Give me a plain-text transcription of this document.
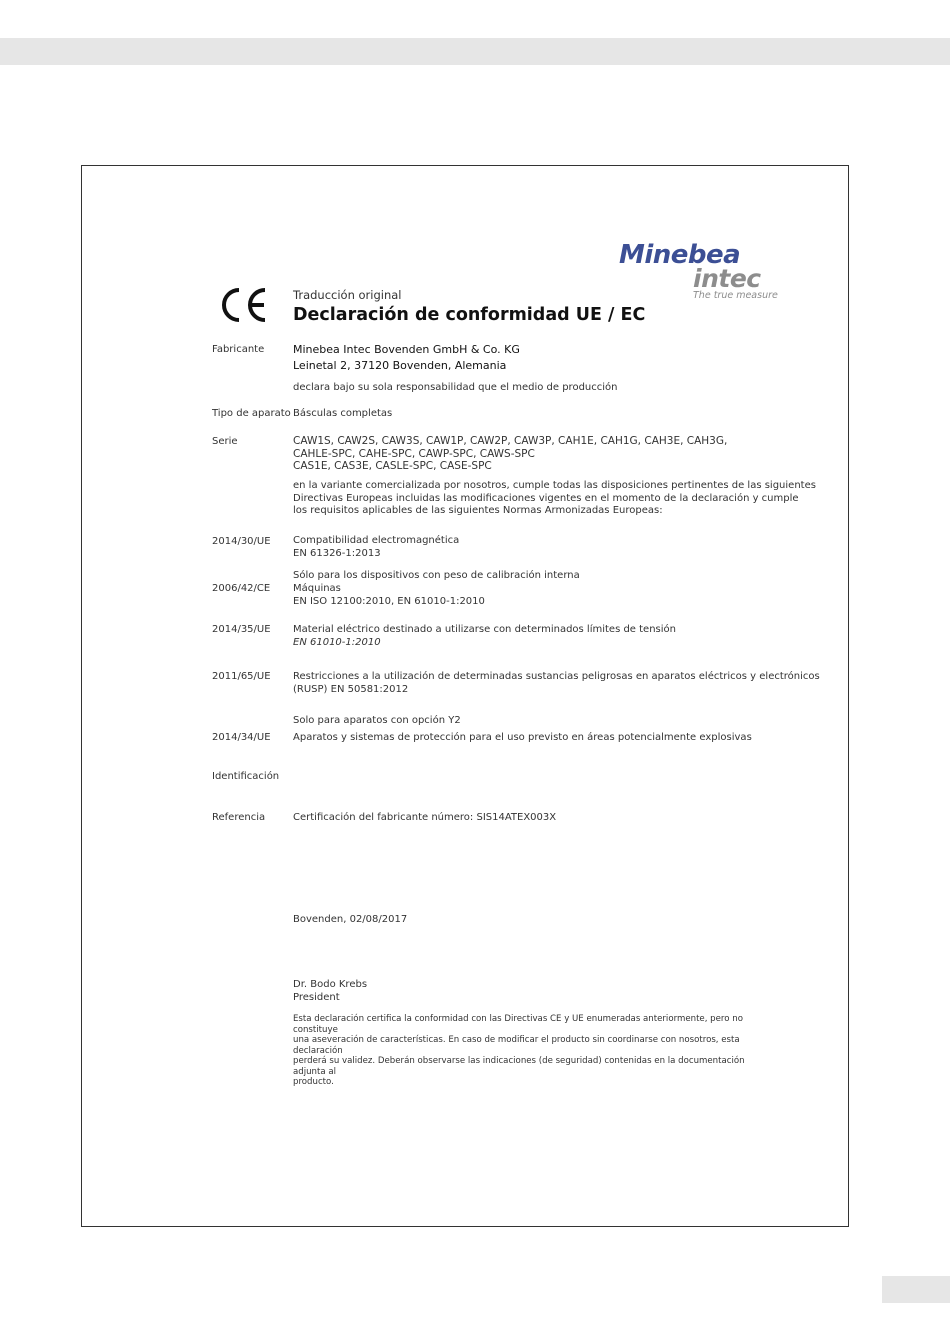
Minebea
intec
The true measure
Traducción original
Declaración de conformidad UE / EC
Fabricante	Minebea Intec Bovenden GmbH & Co. KG
Leinetal 2, 37120 Bovenden, Alemania
declara bajo su sola responsabilidad que el medio de producción
Tipo de aparato Básculas completas
Serie	CAW1S, CAW2S, CAW3S, CAW1P, CAW2P, CAW3P, CAH1E, CAH1G, CAH3E, CAH3G,
CAHLE-SPC, CAHE-SPC, CAWP-SPC, CAWS-SPC
CAS1E, CAS3E, CASLE-SPC, CASE-SPC
en la variante comercializada por nosotros, cumple todas las disposiciones pertinentes de las siguientes
Directivas Europeas incluidas las modificaciones vigentes en el momento de la declaración y cumple
los requisitos aplicables de las siguientes Normas Armonizadas Europeas:
2014/30/UE Compatibilidad electromagnética
EN 61326-1:2013
Sólo para los dispositivos con peso de calibración interna
2006/42/CE Máquinas
EN ISO 12100:2010, EN 61010-1:2010
2014/35/UE Material eléctrico destinado a utilizarse con determinados límites de tensión
EN 61010-1:2010
2011/65/UE Restricciones a la utilización de determinadas sustancias peligrosas en aparatos eléctricos y electrónicos
(RUSP) EN 50581:2012
Solo para aparatos con opción Y2
2014/34/UE Aparatos y sistemas de protección para el uso previsto en áreas potencialmente explosivas
Identificación
Referencia	Certificación del fabricante número: SIS14ATEX003X
Bovenden, 02/08/2017
Dr. Bodo Krebs
President
Esta declaración certifica la conformidad con las Directivas CE y UE enumeradas anteriormente, pero no constituye
una aseveración de características. En caso de modificar el producto sin coordinarse con nosotros, esta declaración
perderá su validez. Deberán observarse las indicaciones (de seguridad) contenidas en la documentación adjunta al
producto.
